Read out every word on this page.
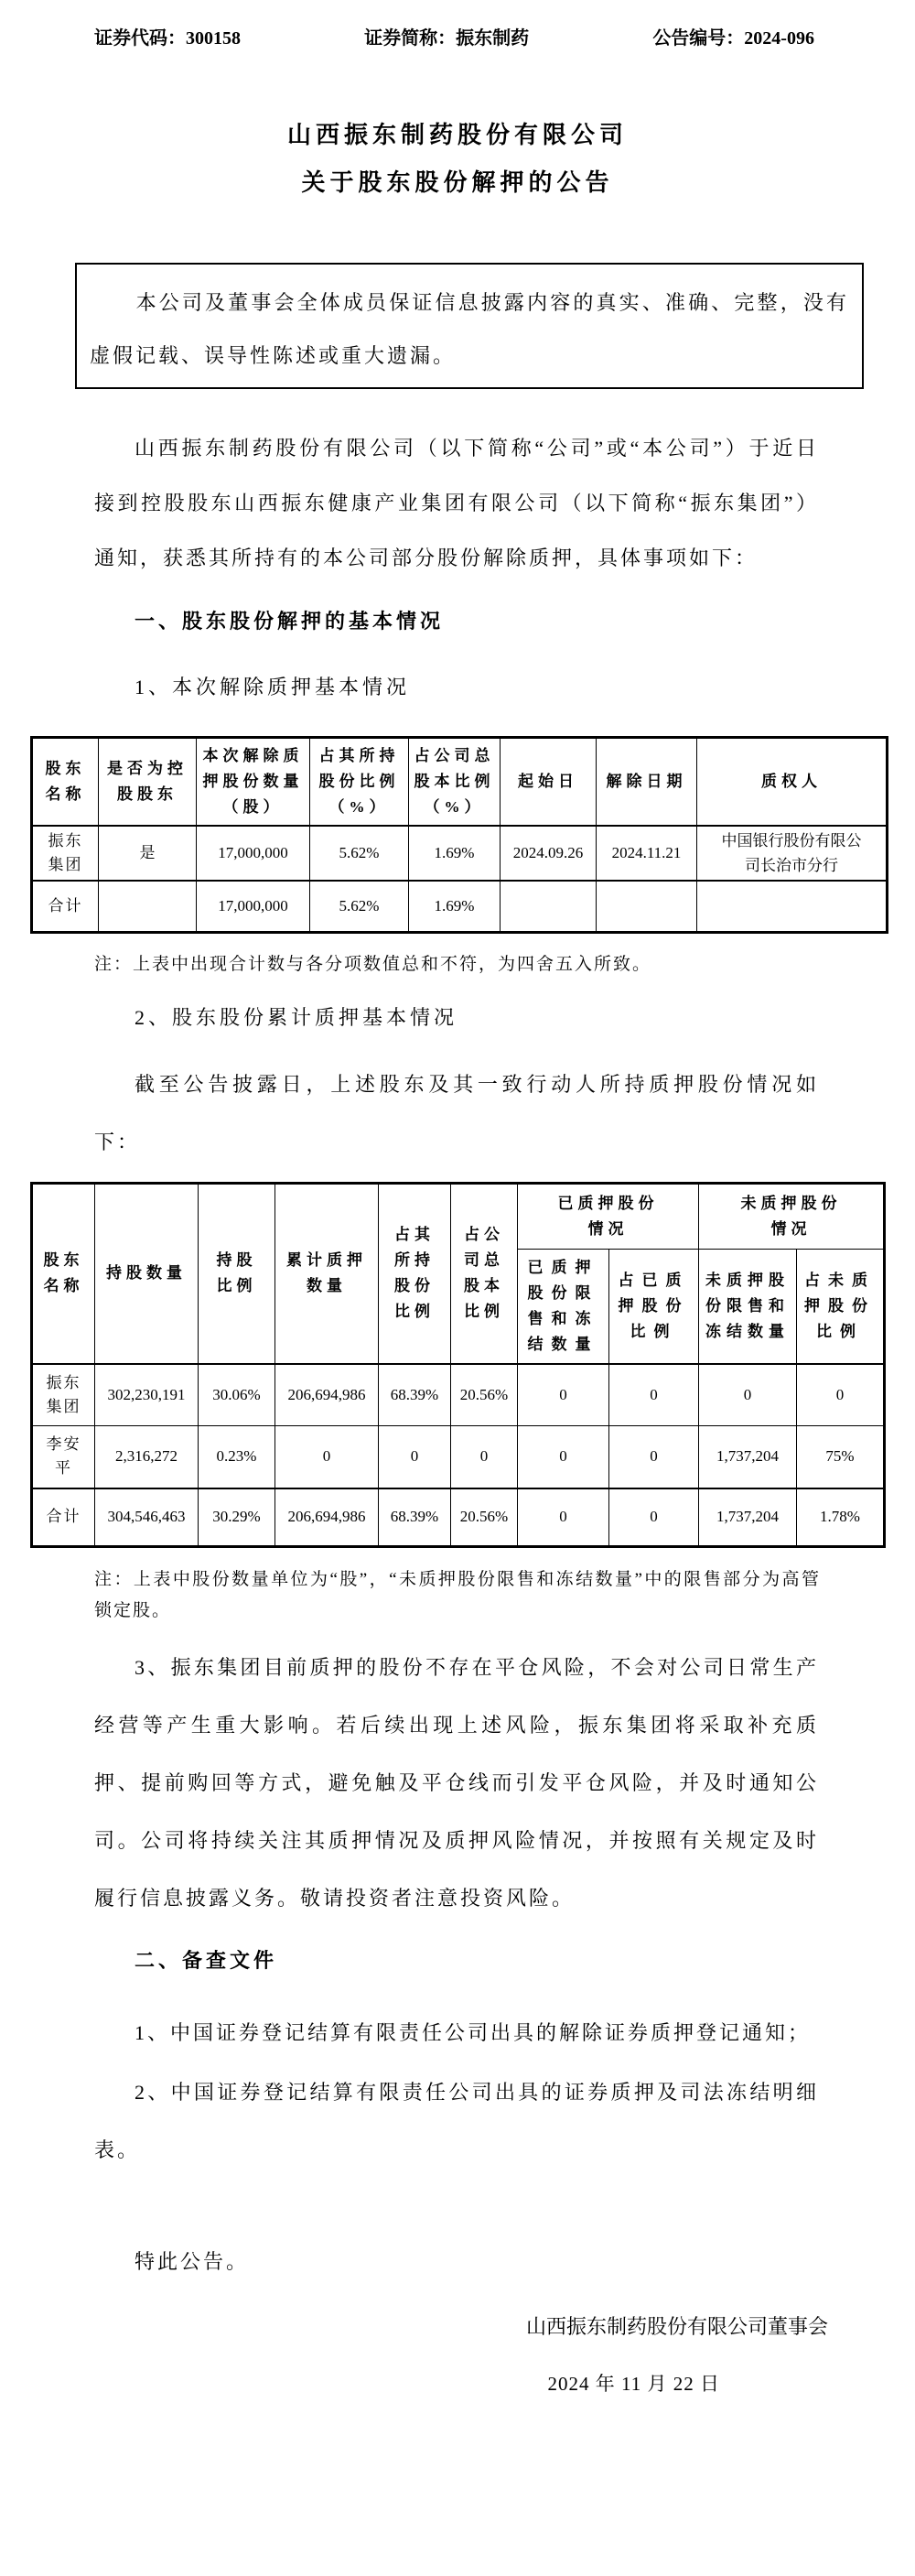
证券代码：300158	证券简称：振东制药	公告编号：2024-096
山西振东制药股份有限公司
关于股东股份解押的公告

本公司及董事会全体成员保证信息披露内容的真实、准确、完整，没有虚假记载、误导性陈述或重大遗漏。

山西振东制药股份有限公司（以下简称“公司”或“本公司”）于近日接到控股股东山西振东健康产业集团有限公司（以下简称“振东集团”）通知，获悉其所持有的本公司部分股份解除质押，具体事项如下：

一、股东股份解押的基本情况

1、本次解除质押基本情况

股东名称	是否为控股股东	本次解除质押股份数量（股）	占其所持股份比例（%）	占公司总股本比例（%）	起始日	解除日期	质权人
振东集团	是	17,000,000	5.62%	1.69%	2024.09.26	2024.11.21	中国银行股份有限公司长治市分行
合计		17,000,000	5.62%	1.69%			

注：上表中出现合计数与各分项数值总和不符，为四舍五入所致。

2、股东股份累计质押基本情况

截至公告披露日，上述股东及其一致行动人所持质押股份情况如下：

股东名称	持股数量	持股比例	累计质押数量	占其所持股份比例	占公司总股本比例	已质押股份情况		未质押股份情况	
						已质押股份限售和冻结数量	占已质押股份比例	未质押股份限售和冻结数量	占未质押股份比例
振东集团	302,230,191	30.06%	206,694,986	68.39%	20.56%	0	0	0	0
李安平	2,316,272	0.23%	0	0	0	0	0	1,737,204	75%
合计	304,546,463	30.29%	206,694,986	68.39%	20.56%	0	0	1,737,204	1.78%

注：上表中股份数量单位为“股”，“未质押股份限售和冻结数量”中的限售部分为高管锁定股。

3、振东集团目前质押的股份不存在平仓风险，不会对公司日常生产经营等产生重大影响。若后续出现上述风险，振东集团将采取补充质押、提前购回等方式，避免触及平仓线而引发平仓风险，并及时通知公司。公司将持续关注其质押情况及质押风险情况，并按照有关规定及时履行信息披露义务。敬请投资者注意投资风险。

二、备查文件

1、中国证券登记结算有限责任公司出具的解除证券质押登记通知；

2、中国证券登记结算有限责任公司出具的证券质押及司法冻结明细表。

特此公告。

山西振东制药股份有限公司董事会

2024 年 11 月 22 日
